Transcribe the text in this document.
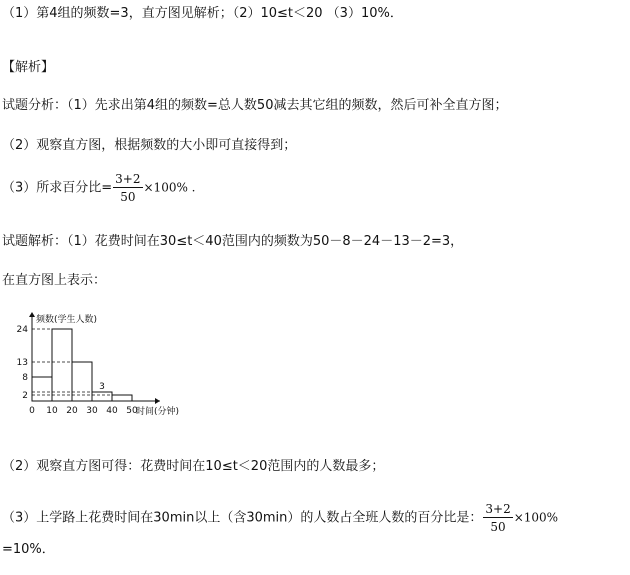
（1）第4组的频数=3，直方图见解析；（2）10≤t＜20 （3）10%．
【解析】
试题分析：（1）先求出第4组的频数=总人数50减去其它组的频数，然后可补全直方图；
（2）观察直方图，根据频数的大小即可直接得到；
（3）所求百分比= $\frac{3+2}{50} \times 100\%$ .
试题解析：（1）花费时间在30≤t＜40范围内的频数为50－8－24－13－2=3，
在直方图上表示：
2
8
13
24
0 10 20 30 40 50
3
频数(学生人数)
时间(分钟)
（2）观察直方图可得：花费时间在10≤t＜20范围内的人数最多；
（3）上学路上花费时间在30min以上（含30min）的人数占全班人数的百分比是： $\frac{3+2}{50} \times 100\%$
=10%．
